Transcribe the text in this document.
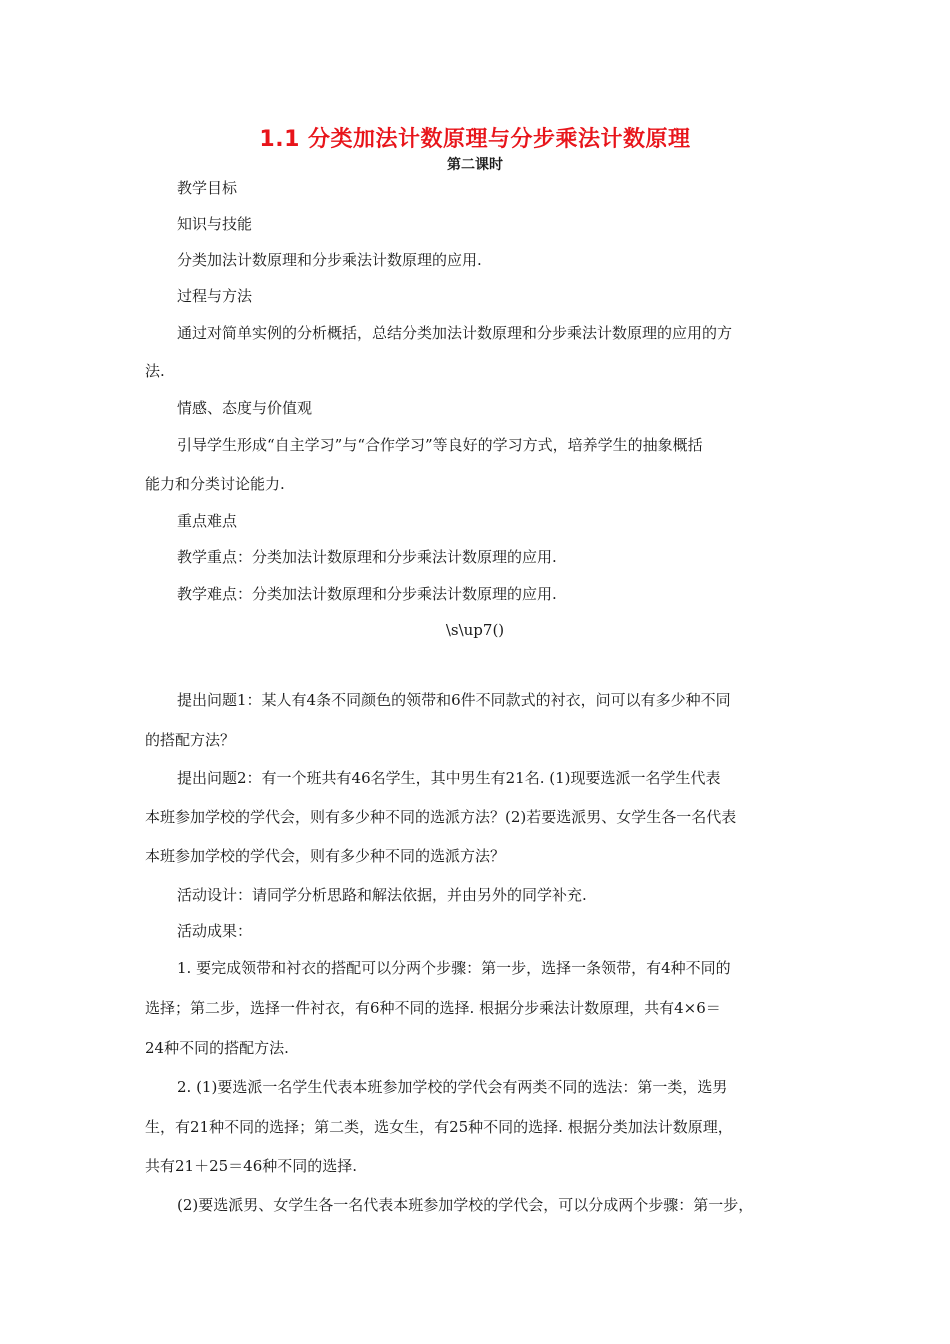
1.1 分类加法计数原理与分步乘法计数原理
第二课时
教学目标
知识与技能
分类加法计数原理和分步乘法计数原理的应用.
过程与方法
通过对简单实例的分析概括，总结分类加法计数原理和分步乘法计数原理的应用的方
法.
情感、态度与价值观
引导学生形成“自主学习”与“合作学习”等良好的学习方式，培养学生的抽象概括
能力和分类讨论能力.
重点难点
教学重点：分类加法计数原理和分步乘法计数原理的应用.
教学难点：分类加法计数原理和分步乘法计数原理的应用.
\s\up7()
提出问题1：某人有4条不同颜色的领带和6件不同款式的衬衣，问可以有多少种不同
的搭配方法？
提出问题2：有一个班共有46名学生，其中男生有21名. (1)现要选派一名学生代表
本班参加学校的学代会，则有多少种不同的选派方法？(2)若要选派男、女学生各一名代表
本班参加学校的学代会，则有多少种不同的选派方法？
活动设计：请同学分析思路和解法依据，并由另外的同学补充.
活动成果：
1. 要完成领带和衬衣的搭配可以分两个步骤：第一步，选择一条领带，有4种不同的
选择；第二步，选择一件衬衣，有6种不同的选择. 根据分步乘法计数原理，共有4×6＝
24种不同的搭配方法.
2. (1)要选派一名学生代表本班参加学校的学代会有两类不同的选法：第一类，选男
生，有21种不同的选择；第二类，选女生，有25种不同的选择. 根据分类加法计数原理，
共有21＋25＝46种不同的选择.
(2)要选派男、女学生各一名代表本班参加学校的学代会，可以分成两个步骤：第一步，
